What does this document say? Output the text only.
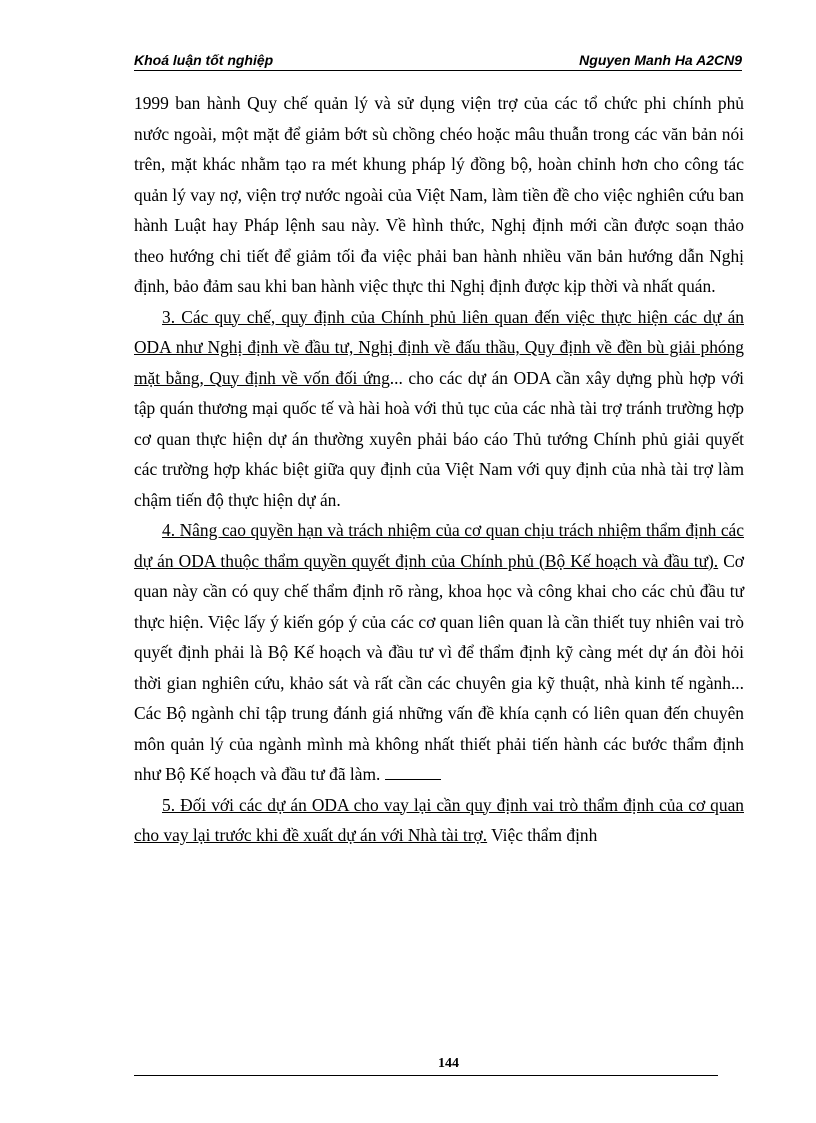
Khoá luận tốt nghiệp	Nguyen Manh Ha A2CN9

1999 ban hành Quy chế quản lý và sử dụng viện trợ của các tổ chức phi chính phủ nước ngoài, một mặt để giảm bớt sù chồng chéo hoặc mâu thuẫn trong các văn bản nói trên, mặt khác nhằm tạo ra mét khung pháp lý đồng bộ, hoàn chỉnh hơn cho công tác quản lý vay nợ, viện trợ nước ngoài của Việt Nam, làm tiền đề cho việc nghiên cứu ban hành Luật hay Pháp lệnh sau này. Về hình thức, Nghị định mới cần được soạn thảo theo hướng chi tiết để giảm tối đa việc phải ban hành nhiều văn bản hướng dẫn Nghị định, bảo đảm sau khi ban hành việc thực thi Nghị định được kịp thời và nhất quán.

3. Các quy chế, quy định của Chính phủ liên quan đến việc thực hiện các dự án ODA như Nghị định về đầu tư, Nghị định về đấu thầu, Quy định về đền bù giải phóng mặt bằng, Quy định về vốn đối ứng... cho các dự án ODA cần xây dựng phù hợp với tập quán thương mại quốc tế và hài hoà với thủ tục của các nhà tài trợ tránh trường hợp cơ quan thực hiện dự án thường xuyên phải báo cáo Thủ tướng Chính phủ giải quyết các trường hợp khác biệt giữa quy định của Việt Nam với quy định của nhà tài trợ làm chậm tiến độ thực hiện dự án.

4. Nâng cao quyền hạn và trách nhiệm của cơ quan chịu trách nhiệm thẩm định các dự án ODA thuộc thẩm quyền quyết định của Chính phủ (Bộ Kế hoạch và đầu tư). Cơ quan này cần có quy chế thẩm định rõ ràng, khoa học và công khai cho các chủ đầu tư thực hiện. Việc lấy ý kiến góp ý của các cơ quan liên quan là cần thiết tuy nhiên vai trò quyết định phải là Bộ Kế hoạch và đầu tư vì để thẩm định kỹ càng mét dự án đòi hỏi thời gian nghiên cứu, khảo sát và rất cần các chuyên gia kỹ thuật, nhà kinh tế ngành... Các Bộ ngành chỉ tập trung đánh giá những vấn đề khía cạnh có liên quan đến chuyên môn quản lý của ngành mình mà không nhất thiết phải tiến hành các bước thẩm định như Bộ Kế hoạch và đầu tư đã làm.

5. Đối với các dự án ODA cho vay lại cần quy định vai trò thẩm định của cơ quan cho vay lại trước khi đề xuất dự án với Nhà tài trợ. Việc thẩm định

144
